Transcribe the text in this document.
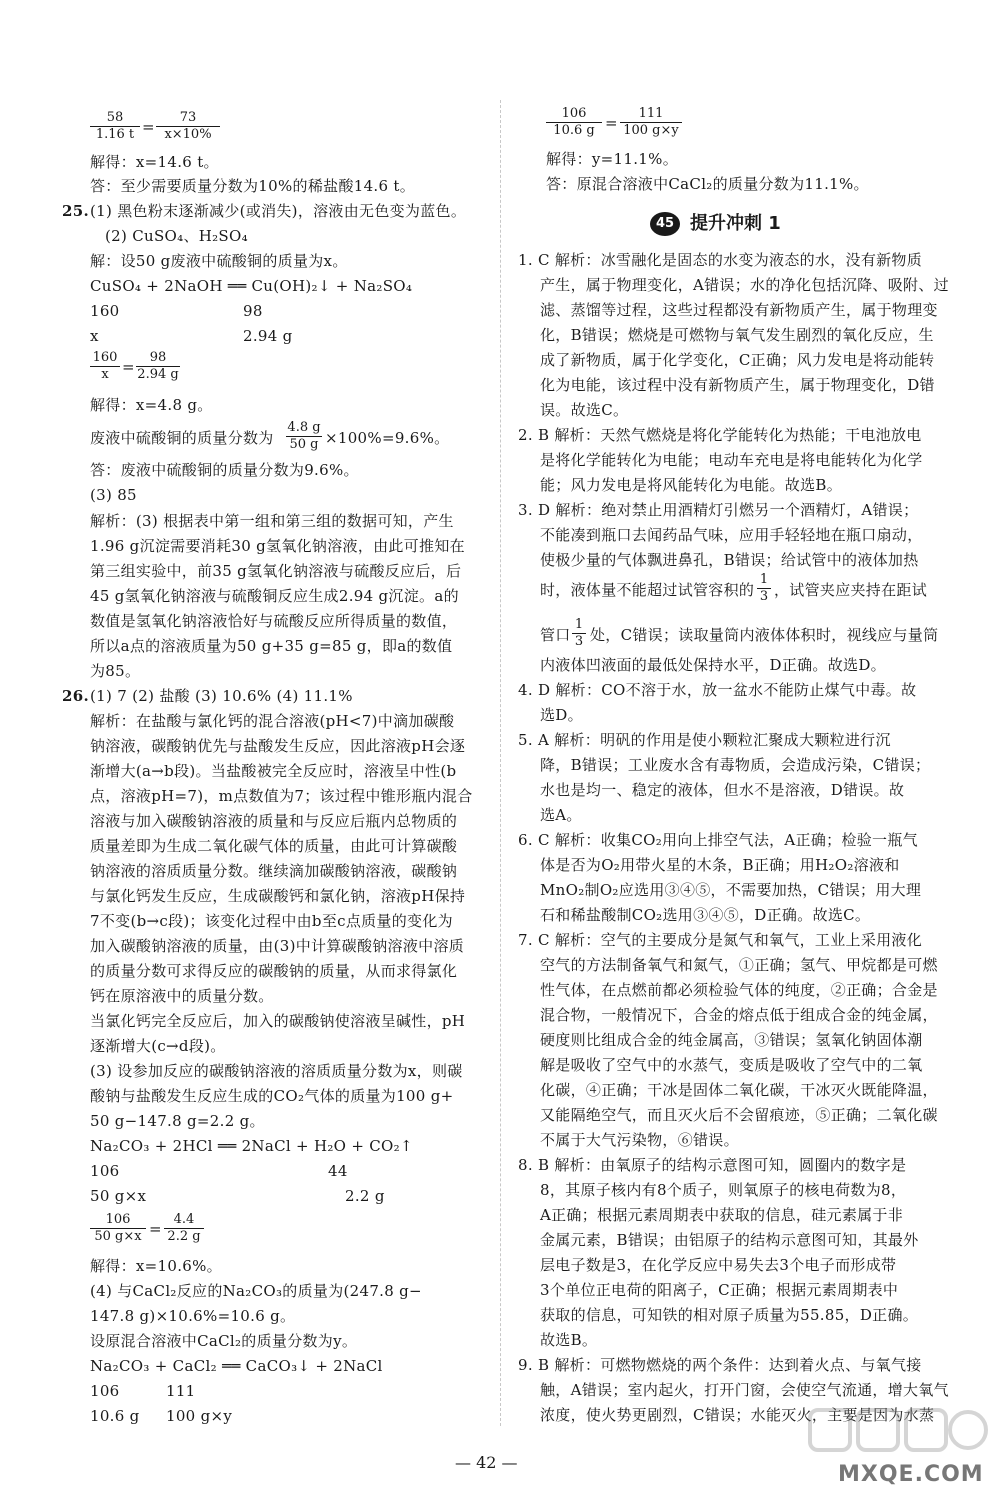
$\frac{58}{1.16 t} = \frac{73}{x\times 10\%}$
解得：x=14.6 t。
答：至少需要质量分数为10%的稀盐酸14.6 t。
25. (1) 黑色粉末逐渐减少(或消失)，溶液由无色变为蓝色。
(2) CuSO₄、H₂SO₄
解：设50 g废液中硫酸铜的质量为x。
CuSO₄ + 2NaOH ══ Cu(OH)₂↓ + Na₂SO₄
160	98
x	2.94 g
$\frac{160}{x} = \frac{98}{2.94 g}$
解得：x=4.8 g。
废液中硫酸铜的质量分数为 $\frac{4.8 g}{50 g} \times 100\%=9.6\%$。
答：废液中硫酸铜的质量分数为9.6%。
(3) 85
解析：(3) 根据表中第一组和第三组的数据可知，产生
1.96 g沉淀需要消耗30 g氢氧化钠溶液，由此可推知在
第三组实验中，前35 g氢氧化钠溶液与硫酸反应后，后
45 g氢氧化钠溶液与硫酸铜反应生成2.94 g沉淀。a的
数值是氢氧化钠溶液恰好与硫酸反应所得质量的数值，
所以a点的溶液质量为50 g+35 g=85 g，即a的数值
为85。
26. (1) 7 (2) 盐酸 (3) 10.6% (4) 11.1%
解析：在盐酸与氯化钙的混合溶液(pH<7)中滴加碳酸
钠溶液，碳酸钠优先与盐酸发生反应，因此溶液pH会逐
渐增大(a→b段)。当盐酸被完全反应时，溶液呈中性(b
点，溶液pH=7)，m点数值为7；该过程中锥形瓶内混合
溶液与加入碳酸钠溶液的质量和与反应后瓶内总物质的
质量差即为生成二氧化碳气体的质量，由此可计算碳酸
钠溶液的溶质质量分数。继续滴加碳酸钠溶液，碳酸钠
与氯化钙发生反应，生成碳酸钙和氯化钠，溶液pH保持
7不变(b→c段)；该变化过程中由b至c点质量的变化为
加入碳酸钠溶液的质量，由(3)中计算碳酸钠溶液中溶质
的质量分数可求得反应的碳酸钠的质量，从而求得氯化
钙在原溶液中的质量分数。
当氯化钙完全反应后，加入的碳酸钠使溶液呈碱性，pH
逐渐增大(c→d段)。
(3) 设参加反应的碳酸钠溶液的溶质质量分数为x，则碳
酸钠与盐酸发生反应生成的CO₂气体的质量为100 g+
50 g−147.8 g=2.2 g。
Na₂CO₃ + 2HCl ══ 2NaCl + H₂O + CO₂↑
106	44
50 g×x	2.2 g
$\frac{106}{50 g\times x} = \frac{4.4}{2.2 g}$
解得：x=10.6%。
(4) 与CaCl₂反应的Na₂CO₃的质量为(247.8 g−
147.8 g)×10.6%=10.6 g。
设原混合溶液中CaCl₂的质量分数为y。
Na₂CO₃ + CaCl₂ ══ CaCO₃↓ + 2NaCl
106	111
10.6 g 100 g×y
$\frac{106}{10.6 g} = \frac{111}{100 g\times y}$
解得：y=11.1%。
答：原混合溶液中CaCl₂的质量分数为11.1%。
45 提升冲刺 1
1. C 解析：冰雪融化是固态的水变为液态的水，没有新物质
产生，属于物理变化，A错误；水的净化包括沉降、吸附、过
滤、蒸馏等过程，这些过程都没有新物质产生，属于物理变
化，B错误；燃烧是可燃物与氧气发生剧烈的氧化反应，生
成了新物质，属于化学变化，C正确；风力发电是将动能转
化为电能，该过程中没有新物质产生，属于物理变化，D错
误。故选C。
2. B 解析：天然气燃烧是将化学能转化为热能；干电池放电
是将化学能转化为电能；电动车充电是将电能转化为化学
能；风力发电是将风能转化为电能。故选B。
3. D 解析：绝对禁止用酒精灯引燃另一个酒精灯，A错误；
不能凑到瓶口去闻药品气味，应用手轻轻地在瓶口扇动，
使极少量的气体飘进鼻孔，B错误；给试管中的液体加热
时，液体量不能超过试管容积的 $\frac{1}{3}$ ，试管夹应夹持在距试
管口 $\frac{1}{3}$ 处，C错误；读取量筒内液体体积时，视线应与量筒
内液体凹液面的最低处保持水平，D正确。故选D。
4. D 解析：CO不溶于水，放一盆水不能防止煤气中毒。故
选D。
5. A 解析：明矾的作用是使小颗粒汇聚成大颗粒进行沉
降，B错误；工业废水含有毒物质，会造成污染，C错误；
水也是均一、稳定的液体，但水不是溶液，D错误。故
选A。
6. C 解析：收集CO₂用向上排空气法，A正确；检验一瓶气
体是否为O₂用带火星的木条，B正确；用H₂O₂溶液和
MnO₂制O₂应选用③④⑤，不需要加热，C错误；用大理
石和稀盐酸制CO₂选用③④⑤，D正确。故选C。
7. C 解析：空气的主要成分是氮气和氧气，工业上采用液化
空气的方法制备氧气和氮气，①正确；氢气、甲烷都是可燃
性气体，在点燃前都必须检验气体的纯度，②正确；合金是
混合物，一般情况下，合金的熔点低于组成合金的纯金属，
硬度则比组成合金的纯金属高，③错误；氢氧化钠固体潮
解是吸收了空气中的水蒸气，变质是吸收了空气中的二氧
化碳，④正确；干冰是固体二氧化碳，干冰灭火既能降温，
又能隔绝空气，而且灭火后不会留痕迹，⑤正确；二氧化碳
不属于大气污染物，⑥错误。
8. B 解析：由氧原子的结构示意图可知，圆圈内的数字是
8，其原子核内有8个质子，则氧原子的核电荷数为8，
A正确；根据元素周期表中获取的信息，硅元素属于非
金属元素，B错误；由铝原子的结构示意图可知，其最外
层电子数是3，在化学反应中易失去3个电子而形成带
3个单位正电荷的阳离子，C正确；根据元素周期表中
获取的信息，可知铁的相对原子质量为55.85，D正确。
故选B。
9. B 解析：可燃物燃烧的两个条件：达到着火点、与氧气接
触，A错误；室内起火，打开门窗，会使空气流通，增大氧气
浓度，使火势更剧烈，C错误；水能灭火，主要是因为水蒸
— 42 —	MXQE.COM
